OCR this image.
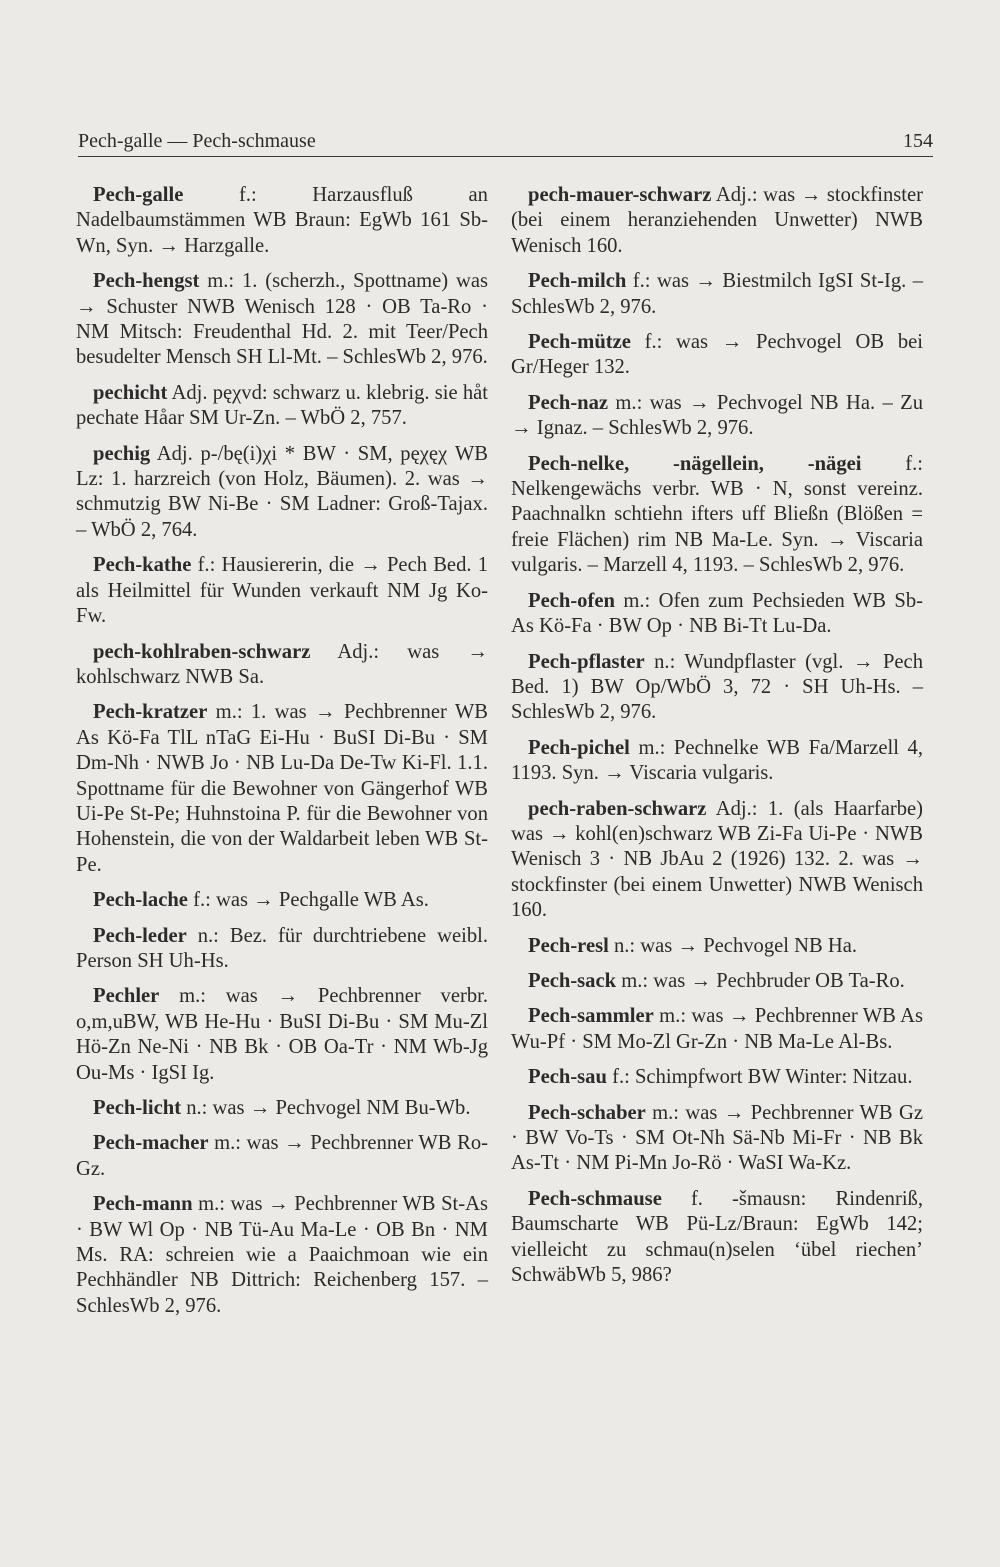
Pech-galle — Pech-schmause	154

Pech-galle	f.: Harzausfluß an Nadelbaumstämmen WB Braun: EgWb 161 Sb-Wn, Syn. → Harzgalle.

Pech-hengst m.: 1. (scherzh., Spottname) was → Schuster NWB Wenisch 128 · OB Ta-Ro · NM Mitsch: Freudenthal Hd. 2. mit Teer/Pech besudelter Mensch SH Ll-Mt. – SchlesWb 2, 976.

pechicht Adj. pęχvd: schwarz u. klebrig. sie håt pechate Håar SM Ur-Zn. – WbÖ 2, 757.

pechig Adj. p-/bę(i)χi * BW · SM, pęχęχ WB Lz: 1. harzreich (von Holz, Bäumen). 2. was → schmutzig BW Ni-Be · SM Ladner: Groß-Tajax. – WbÖ 2, 764.

Pech-kathe f.: Hausiererin, die → Pech Bed. 1 als Heilmittel für Wunden verkauft NM Jg Ko-Fw.

pech-kohlraben-schwarz Adj.: was → kohlschwarz NWB Sa.

Pech-kratzer m.: 1. was → Pechbrenner WB As Kö-Fa TlL nTaG Ei-Hu · BuSI Di-Bu · SM Dm-Nh · NWB Jo · NB Lu-Da De-Tw Ki-Fl. 1.1. Spottname für die Bewohner von Gängerhof WB Ui-Pe St-Pe; Huhnstoina P. für die Bewohner von Hohenstein, die von der Waldarbeit leben WB St-Pe.

Pech-lache f.: was → Pechgalle WB As.

Pech-leder n.: Bez. für durchtriebene weibl. Person SH Uh-Hs.

Pechler m.: was → Pechbrenner verbr. o,m,uBW, WB He-Hu · BuSI Di-Bu · SM Mu-Zl Hö-Zn Ne-Ni · NB Bk · OB Oa-Tr · NM Wb-Jg Ou-Ms · IgSI Ig.

Pech-licht n.: was → Pechvogel NM Bu-Wb.

Pech-macher m.: was → Pechbrenner WB Ro-Gz.

Pech-mann m.: was → Pechbrenner WB St-As · BW Wl Op · NB Tü-Au Ma-Le · OB Bn · NM Ms. RA: schreien wie a Paaichmoan wie ein Pechhändler NB Dittrich: Reichenberg 157. – SchlesWb 2, 976.

pech-mauer-schwarz Adj.: was → stockfinster (bei einem heranziehenden Unwetter) NWB Wenisch 160.

Pech-milch f.: was → Biestmilch IgSI St-Ig. – SchlesWb 2, 976.

Pech-mütze f.: was → Pechvogel OB bei Gr/Heger 132.

Pech-naz m.: was → Pechvogel NB Ha. – Zu → Ignaz. – SchlesWb 2, 976.

Pech-nelke, -nägellein, -nägei f.: Nelkengewächs verbr. WB · N, sonst vereinz. Paachnalkn schtiehn ifters uff Bließn (Blößen = freie Flächen) rim NB Ma-Le. Syn. → Viscaria vulgaris. – Marzell 4, 1193. – SchlesWb 2, 976.

Pech-ofen m.: Ofen zum Pechsieden WB Sb-As Kö-Fa · BW Op · NB Bi-Tt Lu-Da.

Pech-pflaster n.: Wundpflaster (vgl. → Pech Bed. 1) BW Op/WbÖ 3, 72 · SH Uh-Hs. – SchlesWb 2, 976.

Pech-pichel m.: Pechnelke WB Fa/Marzell 4, 1193. Syn. → Viscaria vulgaris.

pech-raben-schwarz Adj.: 1. (als Haarfarbe) was → kohl(en)schwarz WB Zi-Fa Ui-Pe · NWB Wenisch 3 · NB JbAu 2 (1926) 132. 2. was → stockfinster (bei einem Unwetter) NWB Wenisch 160.

Pech-resl n.: was → Pechvogel NB Ha.

Pech-sack m.: was → Pechbruder OB Ta-Ro.

Pech-sammler m.: was → Pechbrenner WB As Wu-Pf · SM Mo-Zl Gr-Zn · NB Ma-Le Al-Bs.

Pech-sau f.: Schimpfwort BW Winter: Nitzau.

Pech-schaber m.: was → Pechbrenner WB Gz · BW Vo-Ts · SM Ot-Nh Sä-Nb Mi-Fr · NB Bk As-Tt · NM Pi-Mn Jo-Rö · WaSI Wa-Kz.

Pech-schmause f. -šmausn: Rindenriß, Baumscharte WB Pü-Lz/Braun: EgWb 142; vielleicht zu schmau(n)selen ‘übel riechen’ SchwäbWb 5, 986?
